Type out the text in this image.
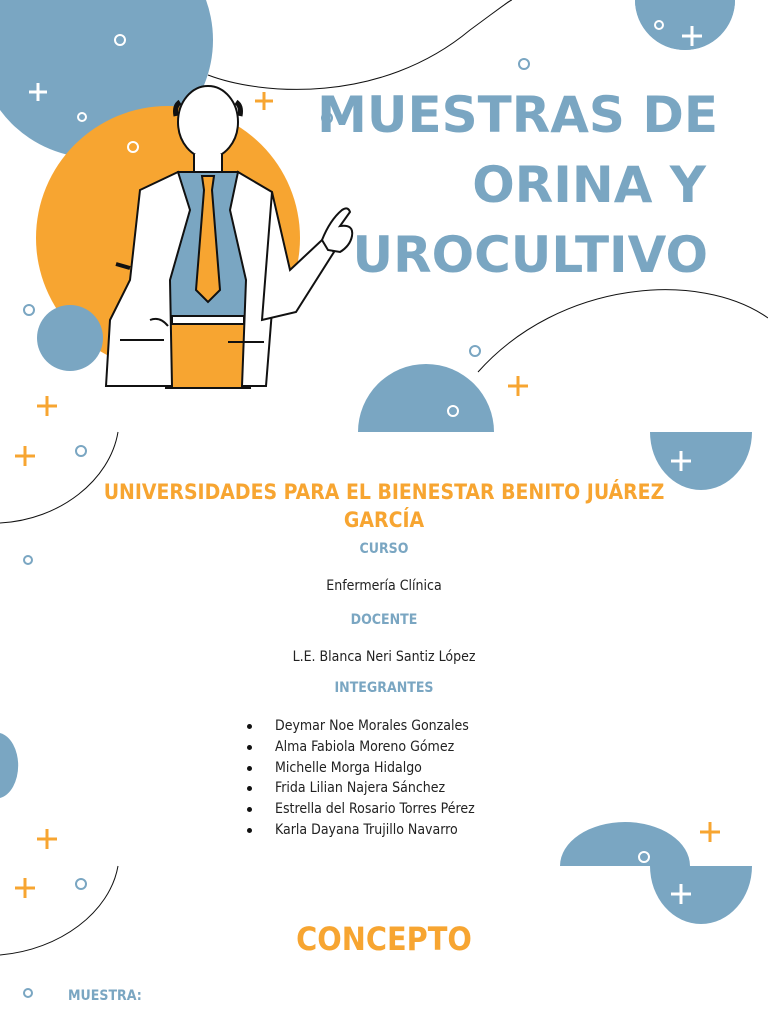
MUESTRAS DE
ORINA Y
UROCULTIVO
UNIVERSIDADES PARA EL BIENESTAR BENITO JUÁREZ GARCÍA
CURSO
Enfermería Clínica
DOCENTE
L.E. Blanca Neri Santiz López
INTEGRANTES
Deymar Noe Morales Gonzales
Alma Fabiola Moreno Gómez
Michelle Morga Hidalgo
Frida Lilian Najera Sánchez
Estrella del Rosario Torres Pérez
Karla Dayana Trujillo Navarro
CONCEPTO
MUESTRA:
